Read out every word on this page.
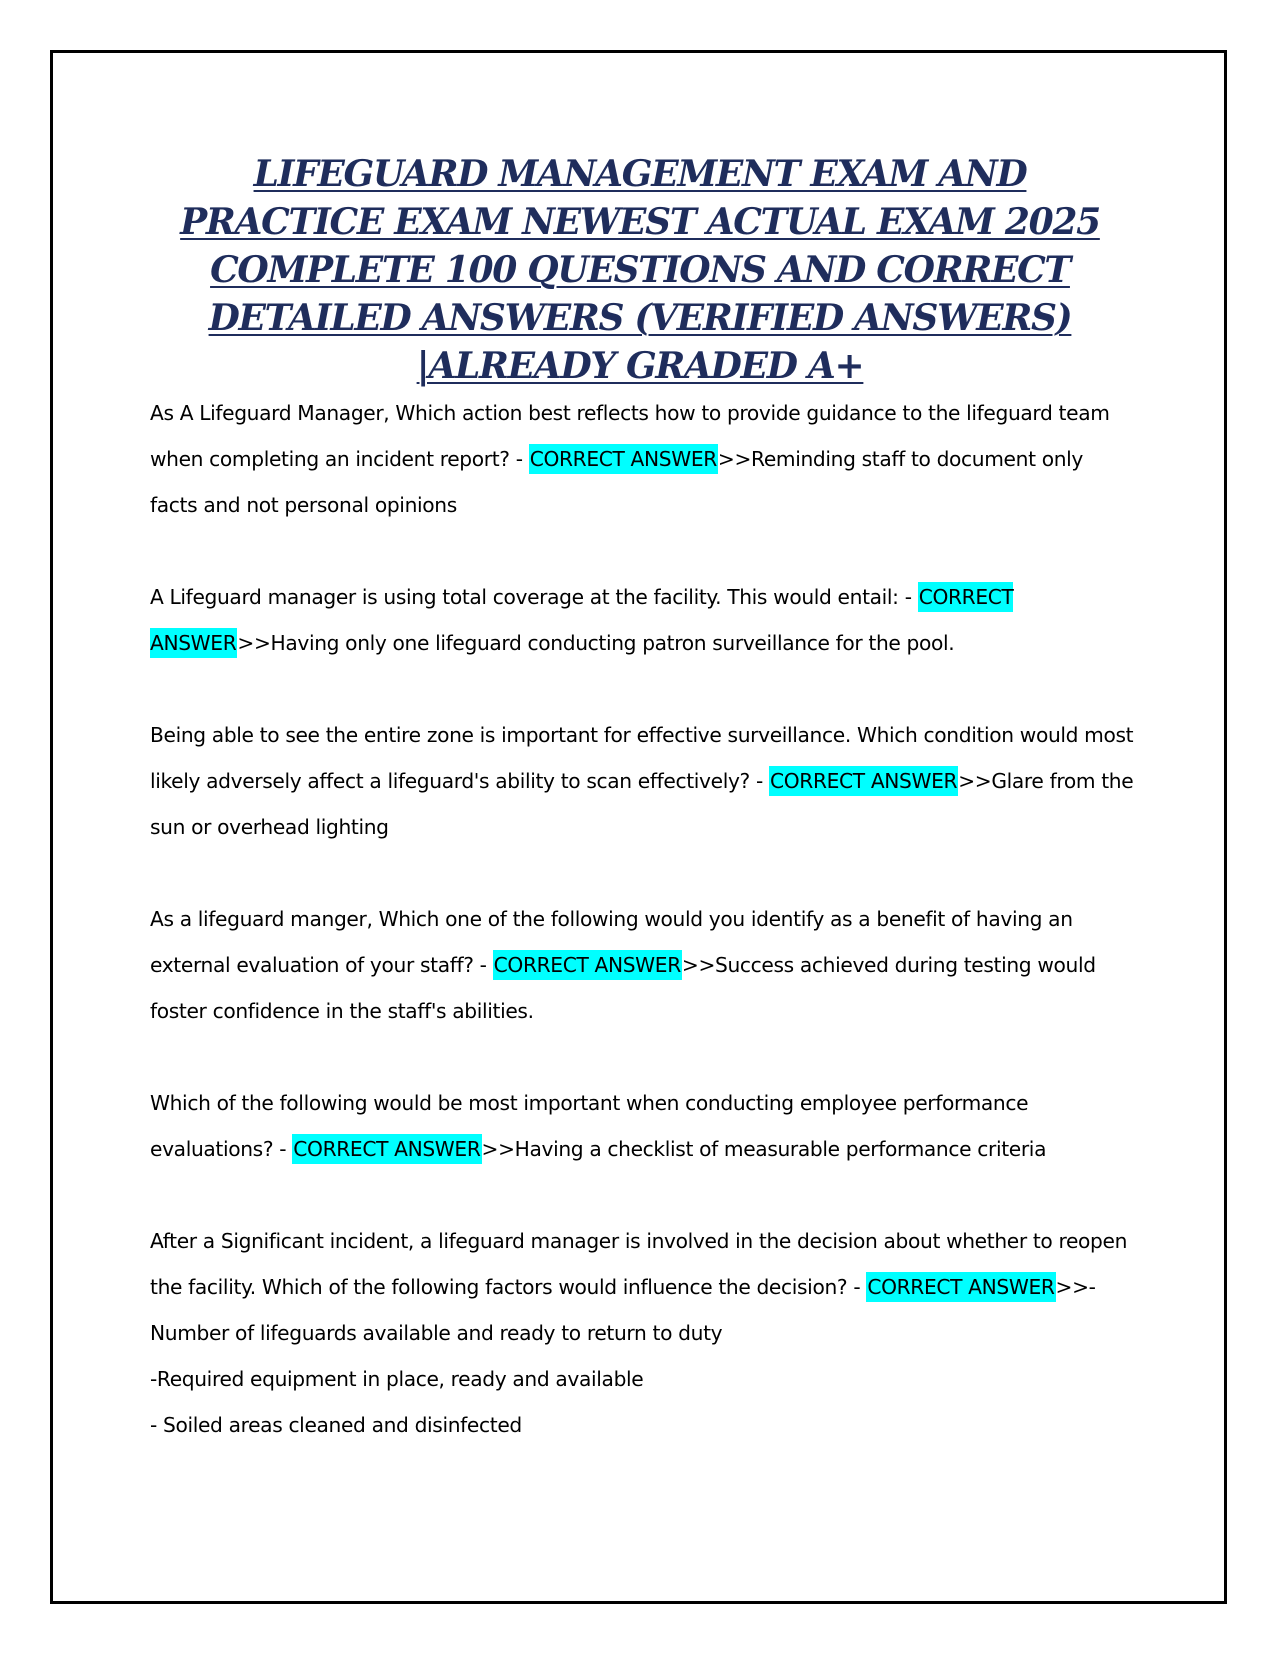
LIFEGUARD MANAGEMENT EXAM AND PRACTICE EXAM NEWEST ACTUAL EXAM 2025 COMPLETE 100 QUESTIONS AND CORRECT DETAILED ANSWERS (VERIFIED ANSWERS) |ALREADY GRADED A+

As A Lifeguard Manager, Which action best reflects how to provide guidance to the lifeguard team when completing an incident report? - CORRECT ANSWER>>Reminding staff to document only facts and not personal opinions

A Lifeguard manager is using total coverage at the facility. This would entail: - CORRECT ANSWER>>Having only one lifeguard conducting patron surveillance for the pool.

Being able to see the entire zone is important for effective surveillance. Which condition would most likely adversely affect a lifeguard's ability to scan effectively? - CORRECT ANSWER>>Glare from the sun or overhead lighting

As a lifeguard manger, Which one of the following would you identify as a benefit of having an external evaluation of your staff? - CORRECT ANSWER>>Success achieved during testing would foster confidence in the staff's abilities.

Which of the following would be most important when conducting employee performance evaluations? - CORRECT ANSWER>>Having a checklist of measurable performance criteria

After a Significant incident, a lifeguard manager is involved in the decision about whether to reopen the facility. Which of the following factors would influence the decision? - CORRECT ANSWER>>-Number of lifeguards available and ready to return to duty
-Required equipment in place, ready and available
- Soiled areas cleaned and disinfected
